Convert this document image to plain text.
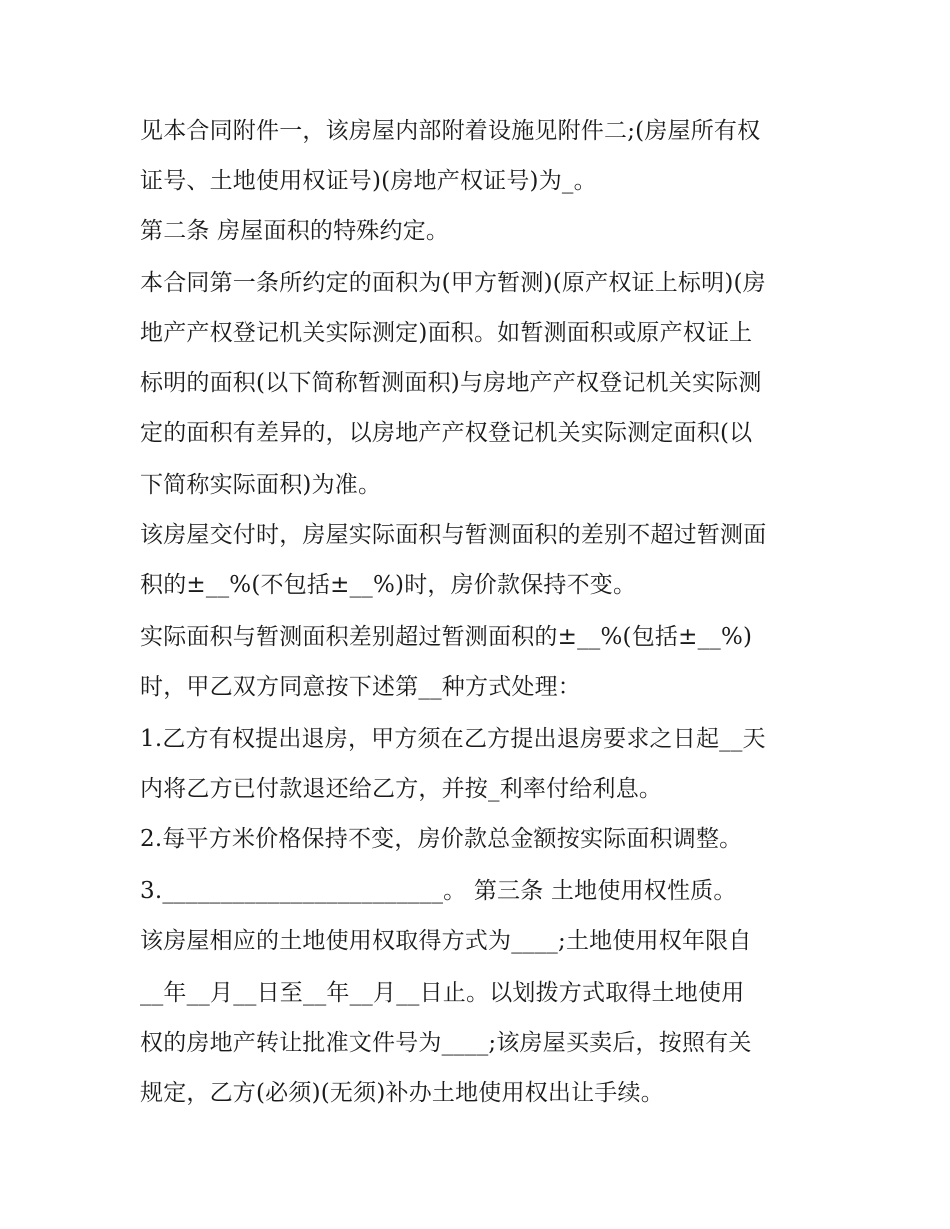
见本合同附件一，该房屋内部附着设施见附件二;(房屋所有权
证号、土地使用权证号)(房地产权证号)为_。
第二条 房屋面积的特殊约定。
本合同第一条所约定的面积为(甲方暂测)(原产权证上标明)(房
地产产权登记机关实际测定)面积。如暂测面积或原产权证上
标明的面积(以下简称暂测面积)与房地产产权登记机关实际测
定的面积有差异的，以房地产产权登记机关实际测定面积(以
下简称实际面积)为准。
该房屋交付时，房屋实际面积与暂测面积的差别不超过暂测面
积的±__%(不包括±__%)时，房价款保持不变。
实际面积与暂测面积差别超过暂测面积的±__%(包括±__%)
时，甲乙双方同意按下述第__种方式处理：
1.乙方有权提出退房，甲方须在乙方提出退房要求之日起__天
内将乙方已付款退还给乙方，并按_利率付给利息。
2.每平方米价格保持不变，房价款总金额按实际面积调整。
3.________________________。 第三条 土地使用权性质。
该房屋相应的土地使用权取得方式为____;土地使用权年限自
__年__月__日至__年__月__日止。以划拨方式取得土地使用
权的房地产转让批准文件号为____;该房屋买卖后，按照有关
规定，乙方(必须)(无须)补办土地使用权出让手续。
